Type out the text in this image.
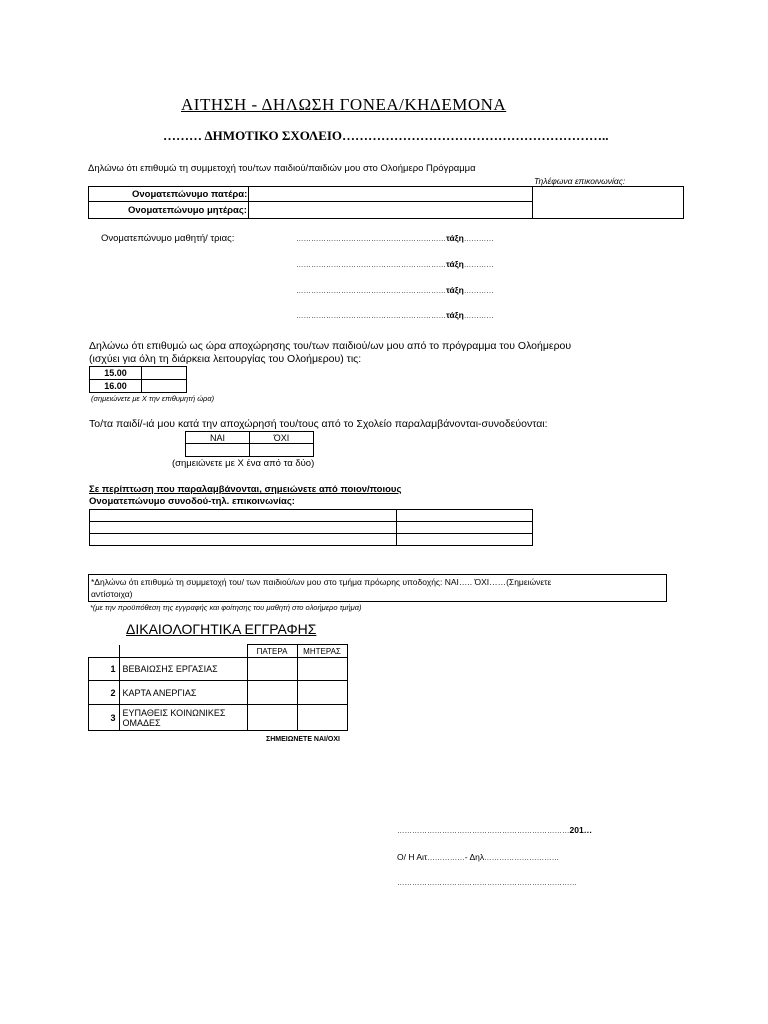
ΑΙΤΗΣΗ - ΔΗΛΩΣΗ ΓΟΝΕΑ/ΚΗΔΕΜΟΝΑ
……… ΔΗΜΟΤΙΚΟ ΣΧΟΛΕΙΟ……………………………………………………..
Δηλώνω ότι επιθυμώ τη συμμετοχή του/των παιδιού/παιδιών μου στο Ολοήμερο Πρόγραμμα
Τηλέφωνα επικοινωνίας:
Ονοματεπώνυμο πατέρα:
Ονοματεπώνυμο μητέρας:
Ονοματεπώνυμο μαθητή/ τριας:	……………………………………………………τάξη…………
……………………………………………………τάξη…………
……………………………………………………τάξη…………
……………………………………………………τάξη…………
Δηλώνω ότι επιθυμώ ως ώρα αποχώρησης του/των παιδιού/ων μου από το πρόγραμμα του Ολοήμερου
(ισχύει για όλη τη διάρκεια λειτουργίας του Ολοήμερου) τις:
15.00	
16.00	
(σημειώνετε με Χ την επιθυμητή ώρα)
Το/τα παιδί/-ιά μου κατά την αποχώρησή του/τους από το Σχολείο παραλαμβάνονται-συνοδεύονται:
ΝΑΙ	ΌΧΙ

(σημειώνετε με Χ ένα από τα δύο)
Σε περίπτωση που παραλαμβάνονται, σημειώνετε από ποιον/ποιους
Ονοματεπώνυμο συνοδού-τηλ. επικοινωνίας:

*Δηλώνω ότι επιθυμώ τη συμμετοχή του/ των παιδιού/ων μου στο τμήμα πρόωρης υποδοχής: ΝΑΙ….. ΌΧΙ……(Σημειώνετε
αντίστοιχα)
*(με την προϋπόθεση της εγγραφής και φοίτησης του μαθητή στο ολοήμερο τμήμα)
ΔΙΚΑΙΟΛΟΓΗΤΙΚΑ ΕΓΓΡΑΦΗΣ
		ΠΑΤΕΡΑ	ΜΗΤΕΡΑΣ
1	ΒΕΒΑΙΩΣΗΣ ΕΡΓΑΣΙΑΣ		
2	ΚΑΡΤΑ ΑΝΕΡΓΙΑΣ		
3	ΕΥΠΑΘΕΙΣ ΚΟΙΝΩΝΙΚΕΣ
ΟΜΑΔΕΣ		

ΣΗΜΕΙΩΝΕΤΕ ΝΑΙ/ΟΧΙ
……………………………………………………………201…
Ο/ Η Αιτ……………- Δηλ…………………………
………………………………………………………………
